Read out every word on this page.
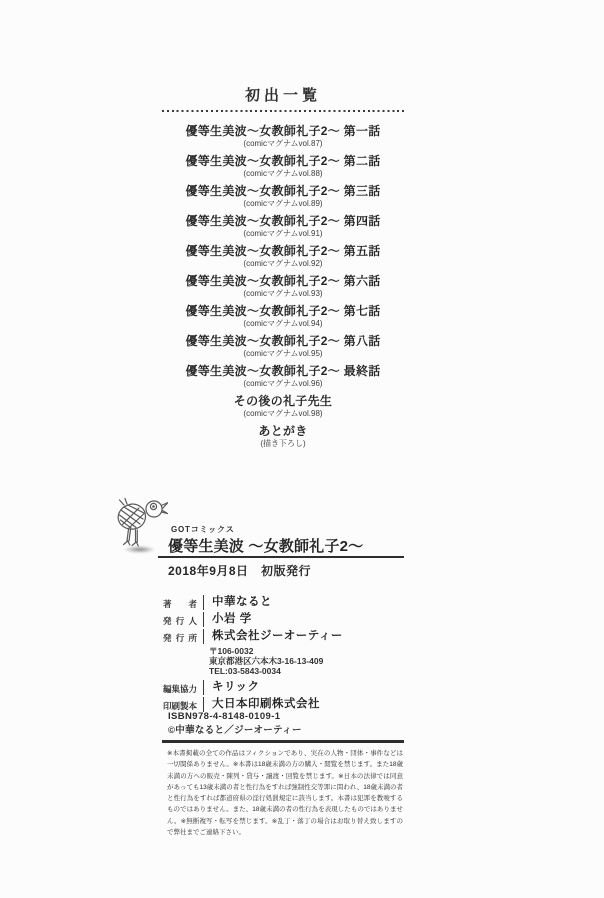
初出一覧
優等生美波～女教師礼子2～ 第一話
(comicマグナムvol.87)
優等生美波～女教師礼子2～ 第二話
(comicマグナムvol.88)
優等生美波～女教師礼子2～ 第三話
(comicマグナムvol.89)
優等生美波～女教師礼子2～ 第四話
(comicマグナムvol.91)
優等生美波～女教師礼子2～ 第五話
(comicマグナムvol.92)
優等生美波～女教師礼子2～ 第六話
(comicマグナムvol.93)
優等生美波～女教師礼子2～ 第七話
(comicマグナムvol.94)
優等生美波～女教師礼子2～ 第八話
(comicマグナムvol.95)
優等生美波～女教師礼子2～ 最終話
(comicマグナムvol.96)
その後の礼子先生
(comicマグナムvol.98)
あとがき
(描き下ろし)
GOTコミックス
優等生美波 ～女教師礼子2～
2018年9月8日　初版発行
著者	中華なると
発行人	小岩 学
発行所	株式会社ジーオーティー
〒106-0032
東京都港区六本木3-16-13-409
TEL:03-5843-0034
編集協力	キリック
印刷製本	大日本印刷株式会社
ISBN978-4-8148-0109-1
©中華なると／ジーオーティー
※本書掲載の全ての作品はフィクションであり、実在の人物・団体・事件などは一切関係ありません。※本書は18歳未満の方の購入・閲覧を禁じます。また18歳未満の方への販売・陳列・貸与・譲渡・回覧を禁じます。※日本の法律では同意があっても13歳未満の者と性行為をすれば強制性交等罪に問われ、18歳未満の者と性行為をすれば都道府県の淫行処罰規定に該当します。本書は犯罪を教唆するものではありません。また、18歳未満の者の性行為を表現したものではありません。※無断複写・転写を禁じます。※乱丁・落丁の場合はお取り替え致しますので弊社までご連絡下さい。
